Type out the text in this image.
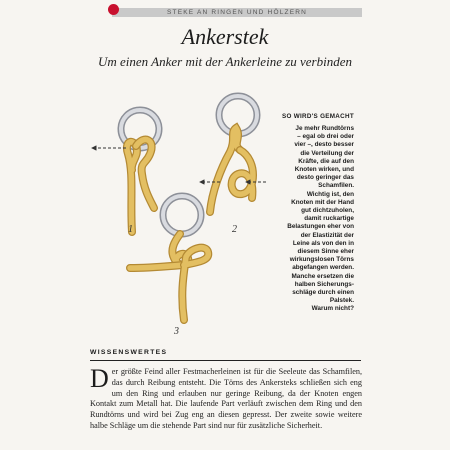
STEKE AN RINGEN UND HÖLZERN
Ankerstek
Um einen Anker mit der Ankerleine zu verbinden
1	2
3
SO WIRD'S GEMACHT
Je mehr Rundtörns
– egal ob drei oder
vier –, desto besser
die Verteilung der
Kräfte, die auf den
Knoten wirken, und
desto geringer das
Schamfilen.
Wichtig ist, den
Knoten mit der Hand
gut dichtzuholen,
damit ruckartige
Belastungen eher von
der Elastizität der
Leine als von den in
diesem Sinne eher
wirkungslosen Törns
abgefangen werden.
Manche ersetzen die
halben Sicherungs-
schläge durch einen
Palstek.
Warum nicht?
WISSENSWERTES
Der größte Feind aller Festmacherleinen ist für die Seeleute das Schamfilen, das durch Reibung entsteht. Die Törns des Ankersteks schließen sich eng um den Ring und erlauben nur geringe Reibung, da der Knoten engen Kontakt zum Metall hat. Die laufende Part verläuft zwischen dem Ring und den Rundtörns und wird bei Zug eng an diesen gepresst. Der zweite sowie weitere halbe Schläge um die stehende Part sind nur für zusätzliche Sicherheit.
